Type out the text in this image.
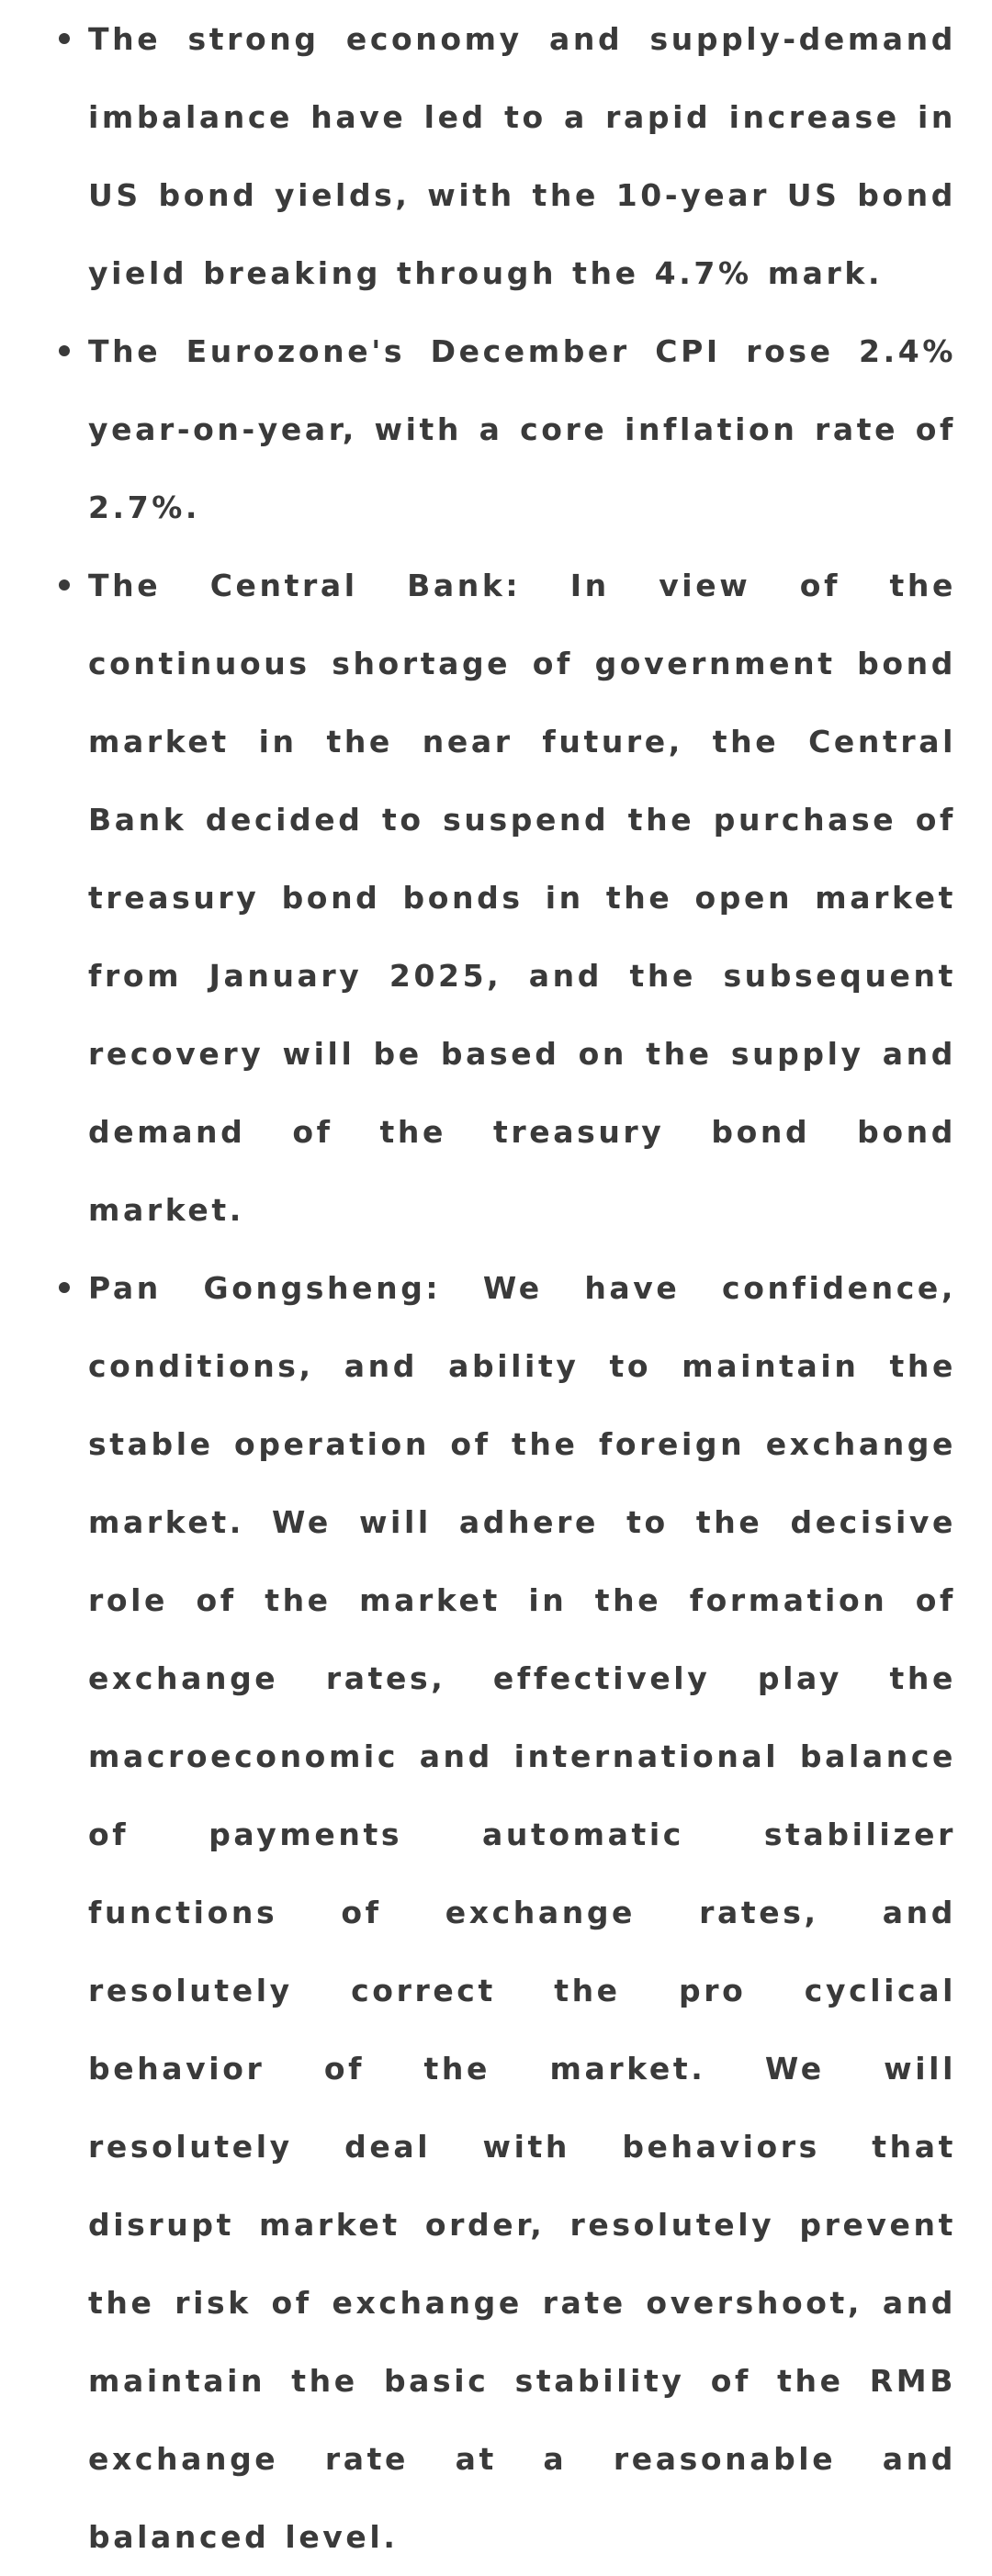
The strong economy and supply-demand imbalance have led to a rapid increase in US bond yields, with the 10-year US bond yield breaking through the 4.7% mark.
The Eurozone's December CPI rose 2.4% year-on-year, with a core inflation rate of 2.7%.
The Central Bank: In view of the continuous shortage of government bond market in the near future, the Central Bank decided to suspend the purchase of treasury bond bonds in the open market from January 2025, and the subsequent recovery will be based on the supply and demand of the treasury bond bond market.
Pan Gongsheng: We have confidence, conditions, and ability to maintain the stable operation of the foreign exchange market. We will adhere to the decisive role of the market in the formation of exchange rates, effectively play the macroeconomic and international balance of payments automatic stabilizer functions of exchange rates, and resolutely correct the pro cyclical behavior of the market. We will resolutely deal with behaviors that disrupt market order, resolutely prevent the risk of exchange rate overshoot, and maintain the basic stability of the RMB exchange rate at a reasonable and balanced level.
